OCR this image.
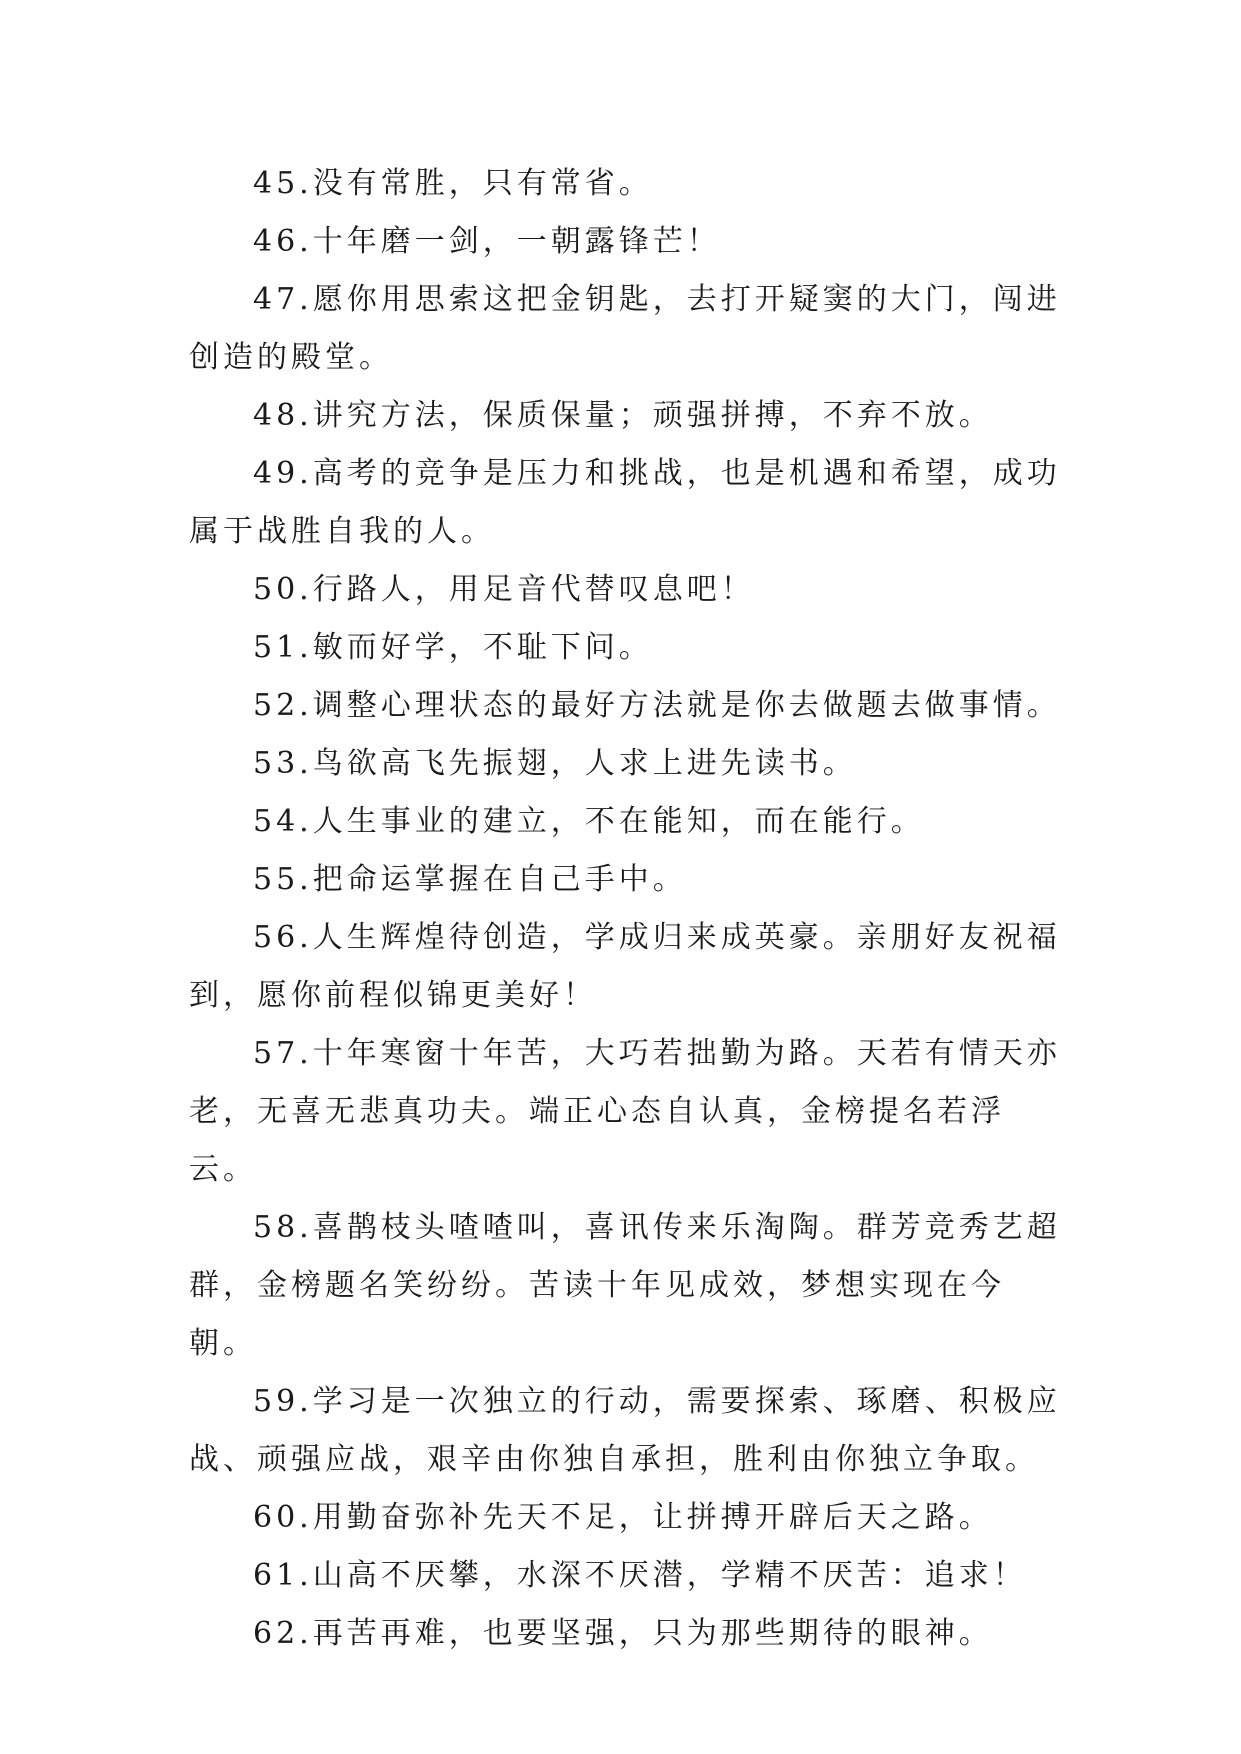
45.没有常胜，只有常省。

46.十年磨一剑，一朝露锋芒！

47.愿你用思索这把金钥匙，去打开疑窦的大门，闯进创造的殿堂。

48.讲究方法，保质保量；顽强拼搏，不弃不放。

49.高考的竞争是压力和挑战，也是机遇和希望，成功属于战胜自我的人。

50.行路人，用足音代替叹息吧！

51.敏而好学，不耻下问。

52.调整心理状态的最好方法就是你去做题去做事情。

53.鸟欲高飞先振翅，人求上进先读书。

54.人生事业的建立，不在能知，而在能行。

55.把命运掌握在自己手中。

56.人生辉煌待创造，学成归来成英豪。亲朋好友祝福到，愿你前程似锦更美好！

57.十年寒窗十年苦，大巧若拙勤为路。天若有情天亦老，无喜无悲真功夫。端正心态自认真，金榜提名若浮云。

58.喜鹊枝头喳喳叫，喜讯传来乐淘陶。群芳竞秀艺超群，金榜题名笑纷纷。苦读十年见成效，梦想实现在今朝。

59.学习是一次独立的行动，需要探索、琢磨、积极应战、顽强应战，艰辛由你独自承担，胜利由你独立争取。

60.用勤奋弥补先天不足，让拼搏开辟后天之路。

61.山高不厌攀，水深不厌潜，学精不厌苦：追求！

62.再苦再难，也要坚强，只为那些期待的眼神。
